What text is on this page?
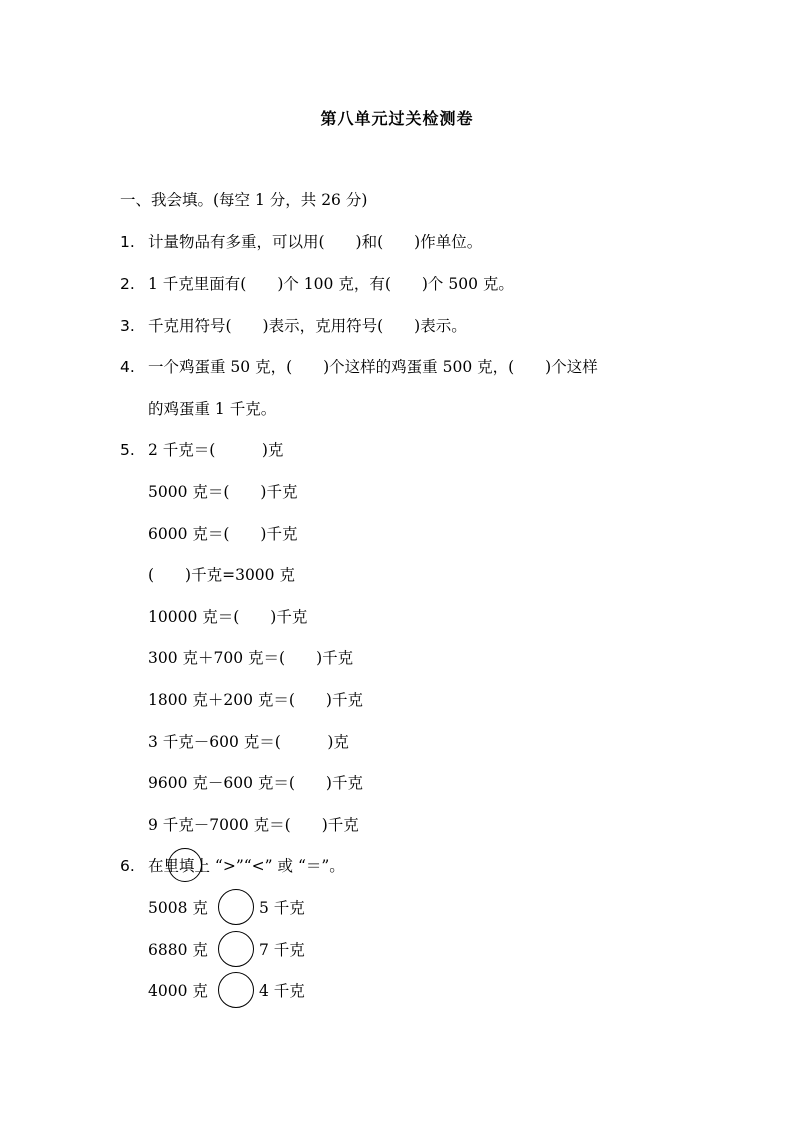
第八单元过关检测卷
一、我会填。(每空 1 分，共 26 分)
1. 计量物品有多重，可以用(　　)和(　　)作单位。
2. 1 千克里面有(　　)个 100 克，有(　　)个 500 克。
3. 千克用符号(　　)表示，克用符号(　　)表示。
4. 一个鸡蛋重 50 克，(　　)个这样的鸡蛋重 500 克，(　　)个这样
的鸡蛋重 1 千克。
5. 2 千克＝(　　　)克
5000 克＝(　　)千克
6000 克＝(　　)千克
(　　)千克=3000 克
10000 克＝(　　)千克
300 克＋700 克＝(　　)千克
1800 克＋200 克＝(　　)千克
3 千克－600 克＝(　　　)克
9600 克－600 克＝(　　)千克
9 千克－7000 克＝(　　)千克
6. 在里填上 “>”“<” 或 “＝”。
5008 克	5 千克
6880 克	7 千克
4000 克	4 千克
